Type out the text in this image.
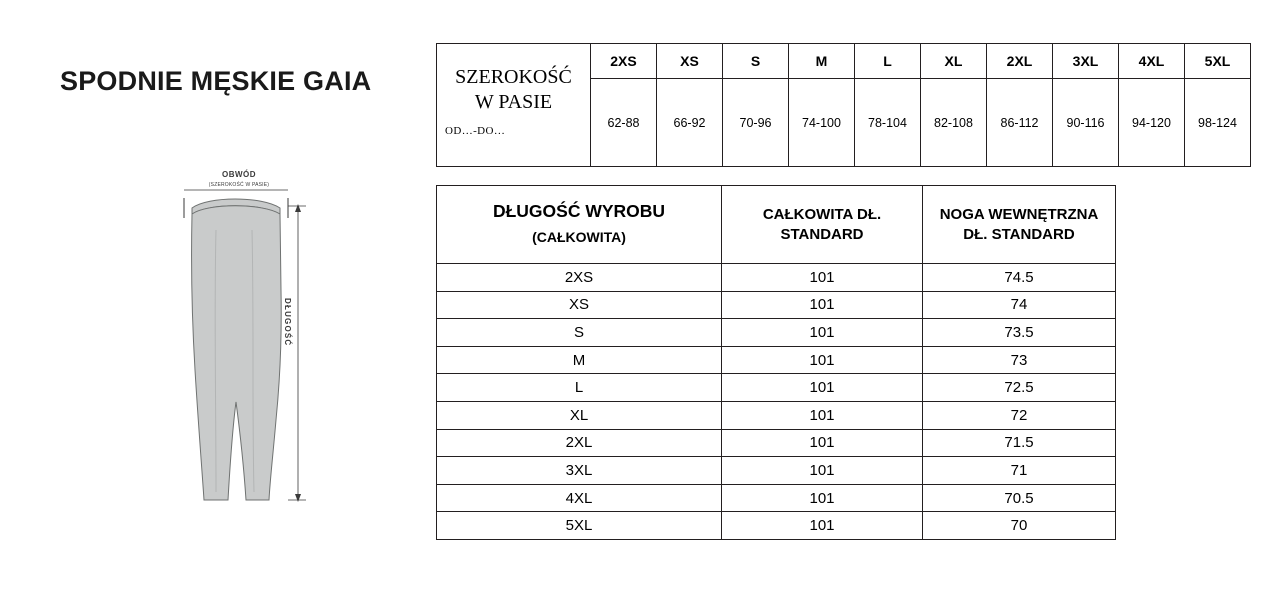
SPODNIE MĘSKIE GAIA
OBWÓD
(SZEROKOŚĆ W PASIE)
DŁUGOŚĆ
SZEROKOŚĆ
W PASIE
OD…-DO…	2XS	XS	S	M	L	XL	2XL	3XL	4XL	5XL
	62-88	66-92	70-96	74-100	78-104	82-108	86-112	90-116	94-120	98-124
DŁUGOŚĆ WYROBU
(CAŁKOWITA)	CAŁKOWITA DŁ. STANDARD	NOGA WEWNĘTRZNA DŁ. STANDARD
2XS	101	74.5
XS	101	74
S	101	73.5
M	101	73
L	101	72.5
XL	101	72
2XL	101	71.5
3XL	101	71
4XL	101	70.5
5XL	101	70
